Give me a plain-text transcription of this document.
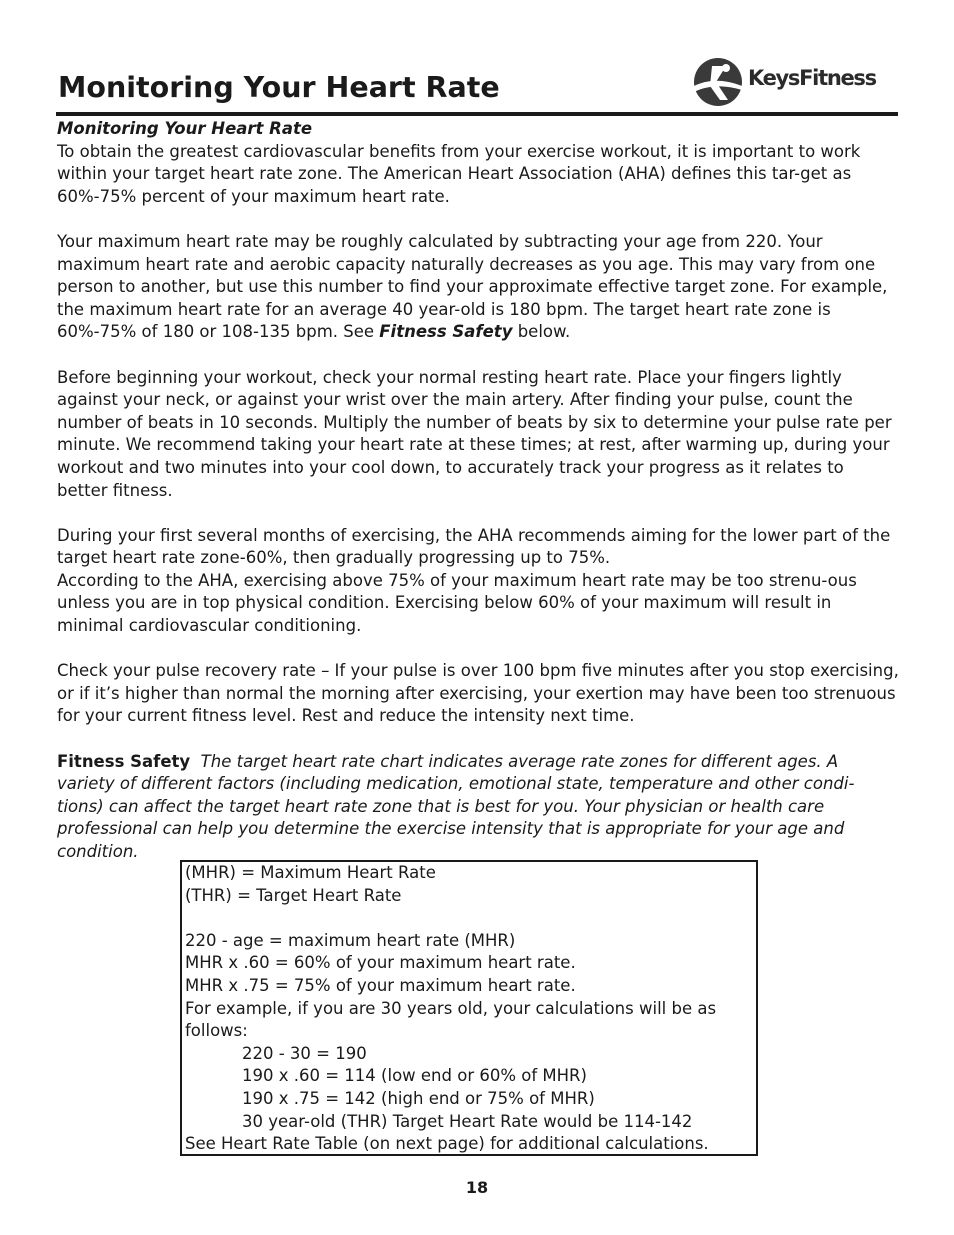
Monitoring Your Heart Rate	KeysFitness

Monitoring Your Heart Rate

To obtain the greatest cardiovascular benefits from your exercise workout, it is important to work within your target heart rate zone. The American Heart Association (AHA) defines this tar-get as 60%-75% percent of your maximum heart rate.

Your maximum heart rate may be roughly calculated by subtracting your age from 220. Your maximum heart rate and aerobic capacity naturally decreases as you age. This may vary from one person to another, but use this number to find your approximate effective target zone. For example, the maximum heart rate for an average 40 year-old is 180 bpm. The target heart rate zone is 60%-75% of 180 or 108-135 bpm. See Fitness Safety below.

Before beginning your workout, check your normal resting heart rate. Place your fingers lightly against your neck, or against your wrist over the main artery. After finding your pulse, count the number of beats in 10 seconds. Multiply the number of beats by six to determine your pulse rate per minute. We recommend taking your heart rate at these times; at rest, after warming up, during your workout and two minutes into your cool down, to accurately track your progress as it relates to better fitness.

During your first several months of exercising, the AHA recommends aiming for the lower part of the target heart rate zone-60%, then gradually progressing up to 75%.

According to the AHA, exercising above 75% of your maximum heart rate may be too strenu-ous unless you are in top physical condition. Exercising below 60% of your maximum will result in minimal cardiovascular conditioning.

Check your pulse recovery rate – If your pulse is over 100 bpm five minutes after you stop exercising, or if it’s higher than normal the morning after exercising, your exertion may have been too strenuous for your current fitness level. Rest and reduce the intensity next time.

Fitness Safety The target heart rate chart indicates average rate zones for different ages. A variety of different factors (including medication, emotional state, temperature and other condi-tions) can affect the target heart rate zone that is best for you. Your physician or health care professional can help you determine the exercise intensity that is appropriate for your age and condition.

(MHR) = Maximum Heart Rate

(THR) = Target Heart Rate

220 - age = maximum heart rate (MHR)

MHR x .60 = 60% of your maximum heart rate.

MHR x .75 = 75% of your maximum heart rate.

For example, if you are 30 years old, your calculations will be as

follows:

220 - 30 = 190

190 x .60 = 114 (low end or 60% of MHR)

190 x .75 = 142 (high end or 75% of MHR)

30 year-old (THR) Target Heart Rate would be 114-142

See Heart Rate Table (on next page) for additional calculations.

18
